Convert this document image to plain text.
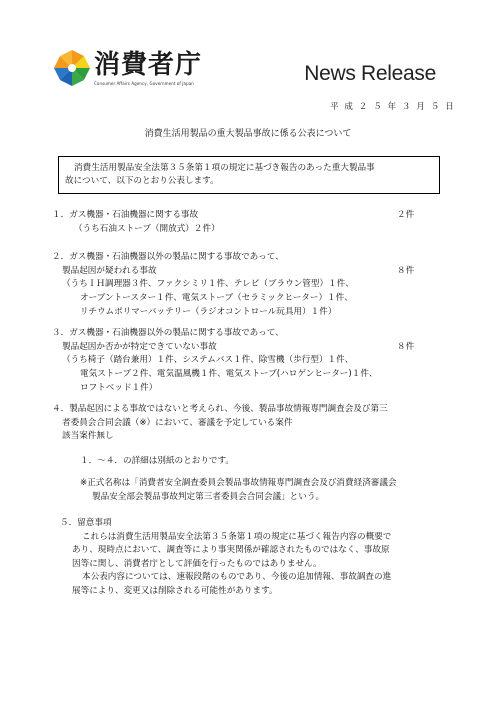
消費者庁
Consumer Affairs Agency, Government of Japan	News Release
平 成 ２ ５ 年 ３ 月 ５ 日
消費生活用製品の重大製品事故に係る公表について

消費生活用製品安全法第３５条第１項の規定に基づき報告のあった重大製品事

故について、以下のとおり公表します。

１．ガス機器・石油機器に関する事故	２件

（うち石油ストーブ（開放式）２件）

２．ガス機器・石油機器以外の製品に関する事故であって、

製品起因が疑われる事故	８件

（うちＩＨ調理器３件、ファクシミリ１件、テレビ（ブラウン管型）１件、

オーブントースター１件、電気ストーブ（セラミックヒーター）１件、

リチウムポリマーバッテリー（ラジオコントロール玩具用）１件）

３．ガス機器・石油機器以外の製品に関する事故であって、

製品起因か否かが特定できていない事故	８件

（うち椅子（踏台兼用）１件、システムバス１件、除雪機（歩行型）１件、

電気ストーブ２件、電気温風機１件、電気ストーブ(ハロゲンヒーター)１件、

ロフトベッド１件）

４．製品起因による事故ではないと考えられ、今後、製品事故情報専門調査会及び第三

者委員会合同会議（※）において、審議を予定している案件

該当案件無し

１．～４．の詳細は別紙のとおりです。

※正式名称は「消費者安全調査委員会製品事故情報専門調査会及び消費経済審議会

製品安全部会製品事故判定第三者委員会合同会議」という。

５．留意事項

これらは消費生活用製品安全法第３５条第１項の規定に基づく報告内容の概要で

あり、現時点において、調査等により事実関係が確認されたものではなく、事故原

因等に関し、消費者庁として評価を行ったものではありません。

本公表内容については、速報段階のものであり、今後の追加情報、事故調査の進

展等により、変更又は削除される可能性があります。
